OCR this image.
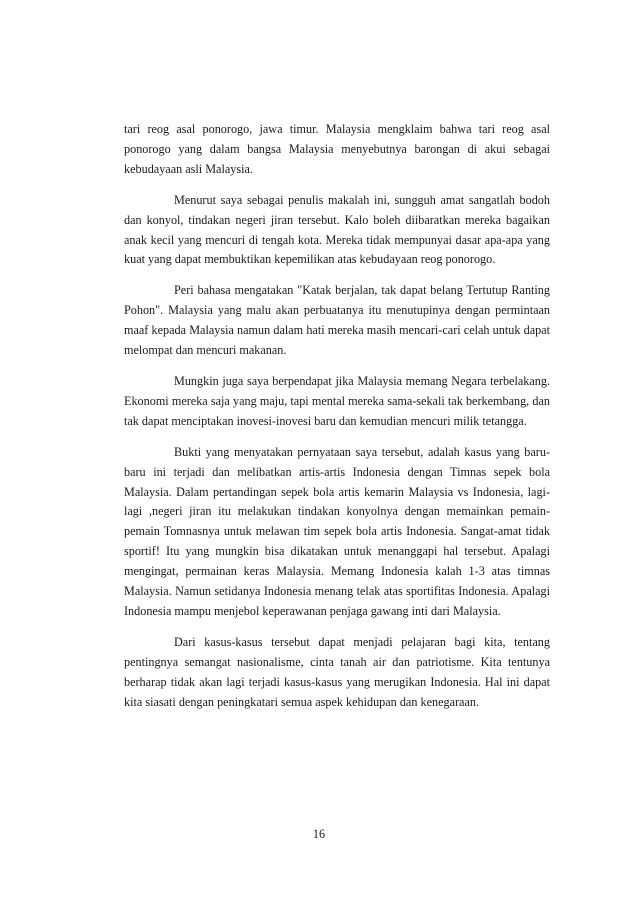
tari reog asal ponorogo, jawa timur. Malaysia mengklaim bahwa tari reog asal ponorogo yang dalam bangsa Malaysia menyebutnya barongan di akui sebagai kebudayaan asli Malaysia.

Menurut saya sebagai penulis makalah ini, sungguh amat sangatlah bodoh dan konyol, tindakan negeri jiran tersebut. Kalo boleh diibaratkan mereka bagaikan anak kecil yang mencuri di tengah kota. Mereka tidak mempunyai dasar apa-apa yang kuat yang dapat membuktikan kepemilikan atas kebudayaan reog ponorogo.

Peri bahasa mengatakan "Katak berjalan, tak dapat belang Tertutup Ranting Pohon". Malaysia yang malu akan perbuatanya itu menutupinya dengan permintaan maaf kepada Malaysia namun dalam hati mereka masih mencari-cari celah untuk dapat melompat dan mencuri makanan.

Mungkin juga saya berpendapat jika Malaysia memang Negara terbelakang. Ekonomi mereka saja yang maju, tapi mental mereka sama-sekali tak berkembang, dan tak dapat menciptakan inovesi-inovesi baru dan kemudian mencuri milik tetangga.

Bukti yang menyatakan pernyataan saya tersebut, adalah kasus yang baru-baru ini terjadi dan melibatkan artis-artis Indonesia dengan Timnas sepek bola Malaysia. Dalam pertandingan sepek bola artis kemarin Malaysia vs Indonesia, lagi-lagi ,negeri jiran itu melakukan tindakan konyolnya dengan memainkan pemain-pemain Tomnasnya untuk melawan tim sepek bola artis Indonesia. Sangat-amat tidak sportif! Itu yang mungkin bisa dikatakan untuk menanggapi hal tersebut. Apalagi mengingat, permainan keras Malaysia. Memang Indonesia kalah 1-3 atas timnas Malaysia. Namun setidanya Indonesia menang telak atas sportifitas Indonesia. Apalagi Indonesia mampu menjebol keperawanan penjaga gawang inti dari Malaysia.

Dari kasus-kasus tersebut dapat menjadi pelajaran bagi kita, tentang pentingnya semangat nasionalisme, cinta tanah air dan patriotisme. Kita tentunya berharap tidak akan lagi terjadi kasus-kasus yang merugikan Indonesia. Hal ini dapat kita siasati dengan peningkatari semua aspek kehidupan dan kenegaraan.

16
